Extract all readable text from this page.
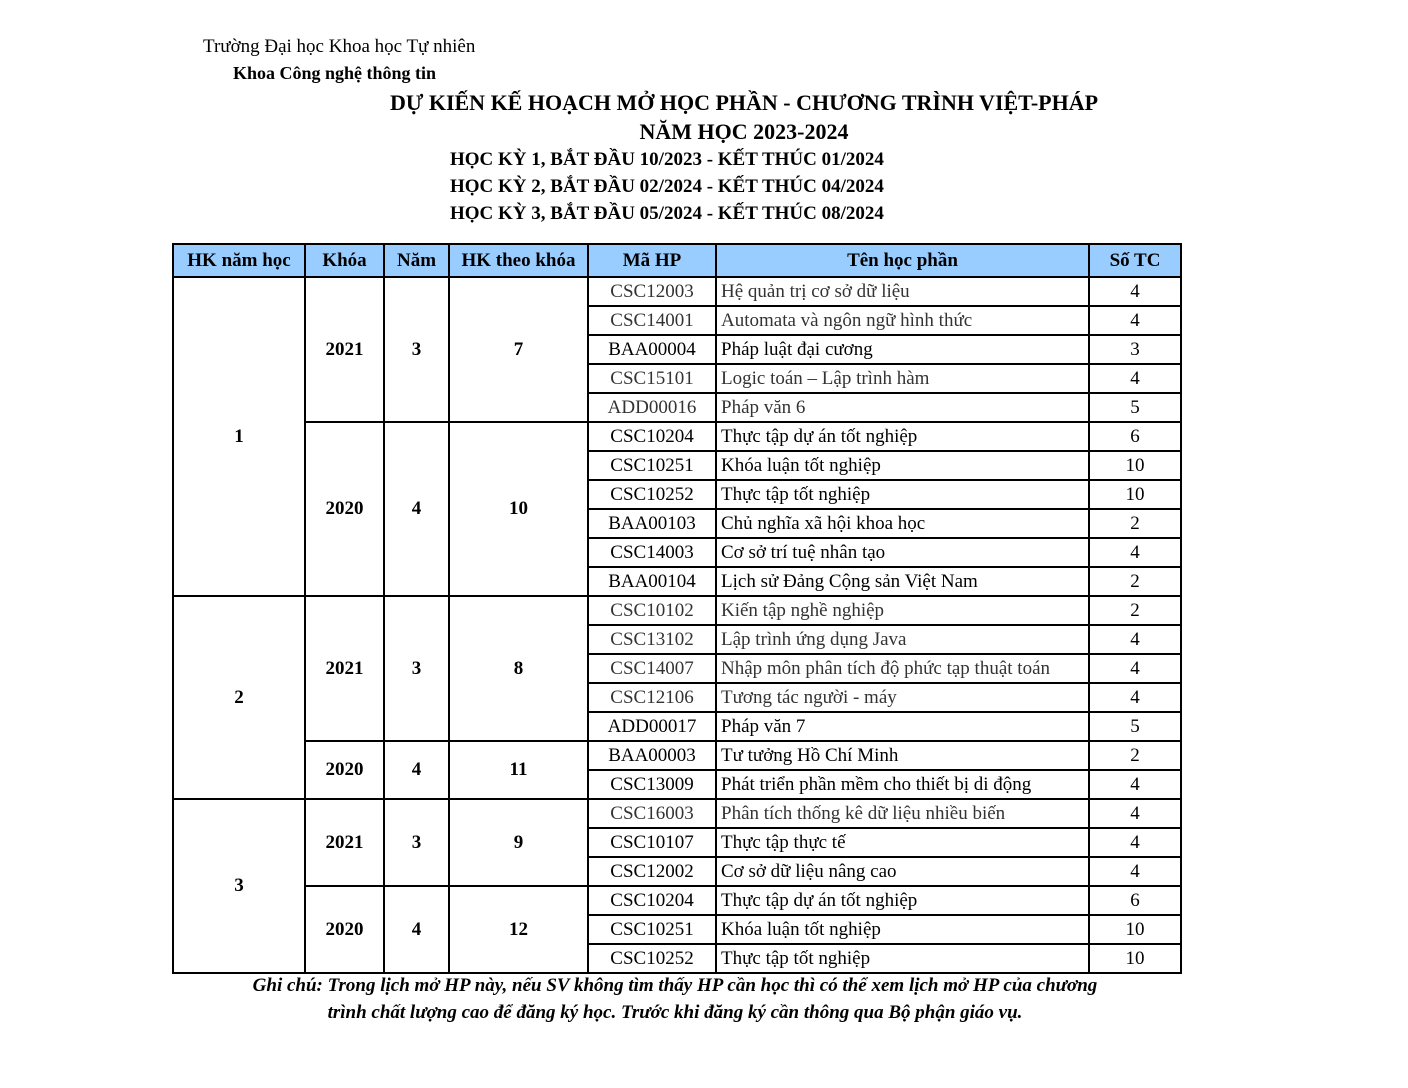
Trường Đại học Khoa học Tự nhiên
Khoa Công nghệ thông tin
DỰ KIẾN KẾ HOẠCH MỞ HỌC PHẦN - CHƯƠNG TRÌNH VIỆT-PHÁP
NĂM HỌC 2023-2024
HỌC KỲ 1, BẮT ĐẦU 10/2023 - KẾT THÚC 01/2024
HỌC KỲ 2, BẮT ĐẦU 02/2024 - KẾT THÚC 04/2024
HỌC KỲ 3, BẮT ĐẦU 05/2024 - KẾT THÚC 08/2024
HK năm học	Khóa	Năm	HK theo khóa	Mã HP	Tên học phần	Số TC
1	2021	3	7	CSC12003	Hệ quản trị cơ sở dữ liệu	4
				CSC14001	Automata và ngôn ngữ hình thức	4
				BAA00004	Pháp luật đại cương	3
				CSC15101	Logic toán – Lập trình hàm	4
				ADD00016	Pháp văn 6	5
	2020	4	10	CSC10204	Thực tập dự án tốt nghiệp	6
				CSC10251	Khóa luận tốt nghiệp	10
				CSC10252	Thực tập tốt nghiệp	10
				BAA00103	Chủ nghĩa xã hội khoa học	2
				CSC14003	Cơ sở trí tuệ nhân tạo	4
				BAA00104	Lịch sử Đảng Cộng sản Việt Nam	2
2	2021	3	8	CSC10102	Kiến tập nghề nghiệp	2
				CSC13102	Lập trình ứng dụng Java	4
				CSC14007	Nhập môn phân tích độ phức tạp thuật toán	4
				CSC12106	Tương tác người - máy	4
				ADD00017	Pháp văn 7	5
	2020	4	11	BAA00003	Tư tưởng Hồ Chí Minh	2
				CSC13009	Phát triển phần mềm cho thiết bị di động	4
3	2021	3	9	CSC16003	Phân tích thống kê dữ liệu nhiều biến	4
				CSC10107	Thực tập thực tế	4
				CSC12002	Cơ sở dữ liệu nâng cao	4
	2020	4	12	CSC10204	Thực tập dự án tốt nghiệp	6
				CSC10251	Khóa luận tốt nghiệp	10
				CSC10252	Thực tập tốt nghiệp	10
Ghi chú: Trong lịch mở HP này, nếu SV không tìm thấy HP cần học thì có thể xem lịch mở HP của chương
trình chất lượng cao để đăng ký học. Trước khi đăng ký cần thông qua Bộ phận giáo vụ.
